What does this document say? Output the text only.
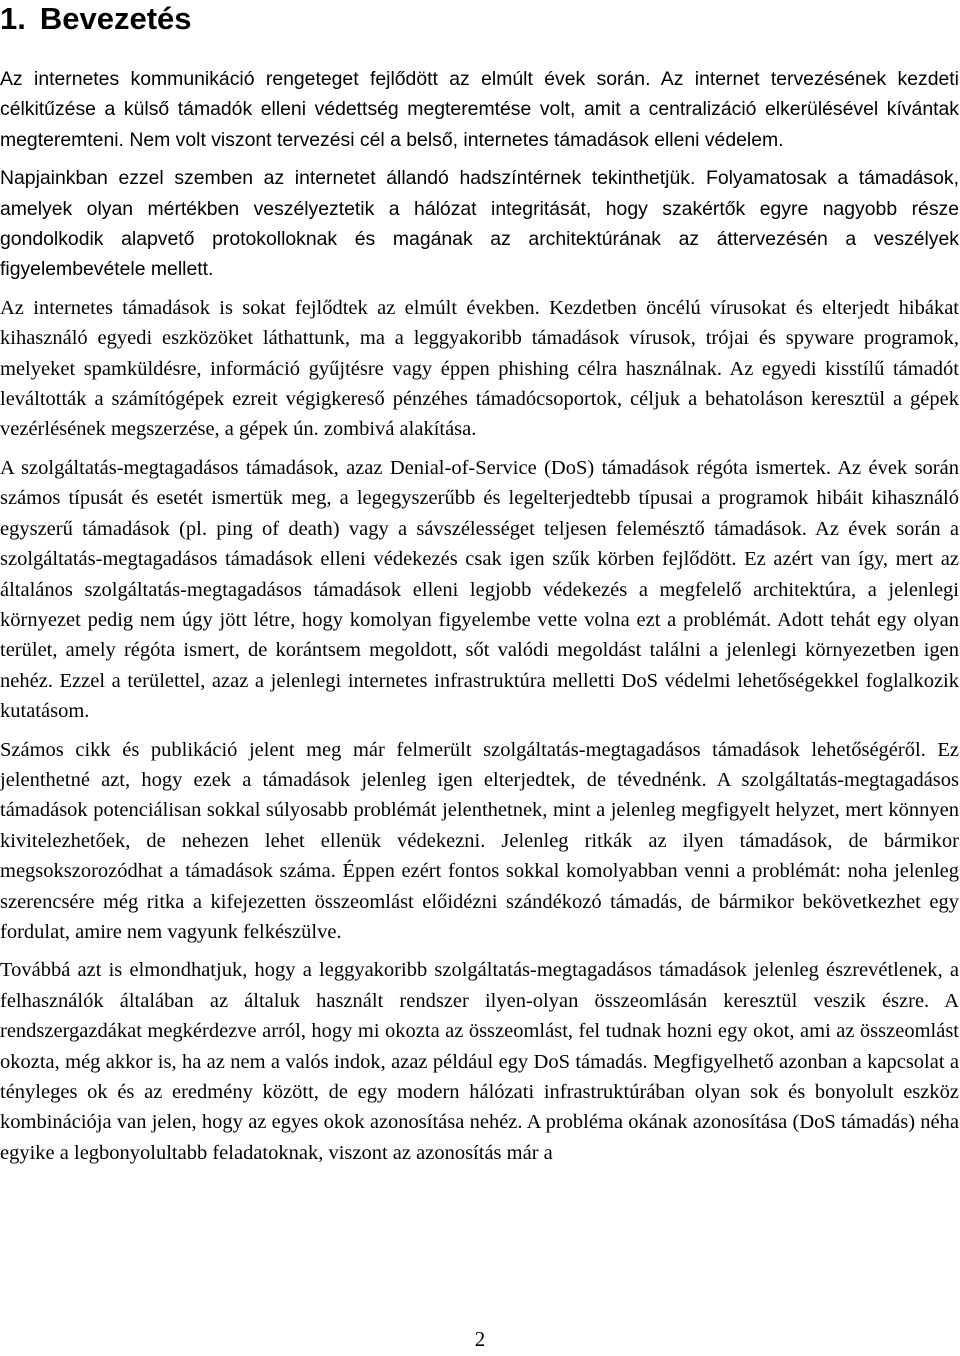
1. Bevezetés

Az internetes kommunikáció rengeteget fejlődött az elmúlt évek során. Az internet tervezésének kezdeti célkitűzése a külső támadók elleni védettség megteremtése volt, amit a centralizáció elkerülésével kívántak megteremteni. Nem volt viszont tervezési cél a belső, internetes támadások elleni védelem.

Napjainkban ezzel szemben az internetet állandó hadszíntérnek tekinthetjük. Folyamatosak a támadások, amelyek olyan mértékben veszélyeztetik a hálózat integritását, hogy szakértők egyre nagyobb része gondolkodik alapvető protokolloknak és magának az architektúrának az áttervezésén a veszélyek figyelembevétele mellett.

Az internetes támadások is sokat fejlődtek az elmúlt években. Kezdetben öncélú vírusokat és elterjedt hibákat kihasználó egyedi eszközöket láthattunk, ma a leggyakoribb támadások vírusok, trójai és spyware programok, melyeket spamküldésre, információ gyűjtésre vagy éppen phishing célra használnak. Az egyedi kisstílű támadót leváltották a számítógépek ezreit végigkereső pénzéhes támadócsoportok, céljuk a behatoláson keresztül a gépek vezérlésének megszerzése, a gépek ún. zombivá alakítása.

A szolgáltatás-megtagadásos támadások, azaz Denial-of-Service (DoS) támadások régóta ismertek. Az évek során számos típusát és esetét ismertük meg, a legegyszerűbb és legelterjedtebb típusai a programok hibáit kihasználó egyszerű támadások (pl. ping of death) vagy a sávszélességet teljesen felemésztő támadások. Az évek során a szolgáltatás-megtagadásos támadások elleni védekezés csak igen szűk körben fejlődött. Ez azért van így, mert az általános szolgáltatás-megtagadásos támadások elleni legjobb védekezés a megfelelő architektúra, a jelenlegi környezet pedig nem úgy jött létre, hogy komolyan figyelembe vette volna ezt a problémát. Adott tehát egy olyan terület, amely régóta ismert, de korántsem megoldott, sőt valódi megoldást találni a jelenlegi környezetben igen nehéz. Ezzel a területtel, azaz a jelenlegi internetes infrastruktúra melletti DoS védelmi lehetőségekkel foglalkozik kutatásom.

Számos cikk és publikáció jelent meg már felmerült szolgáltatás-megtagadásos támadások lehetőségéről. Ez jelenthetné azt, hogy ezek a támadások jelenleg igen elterjedtek, de tévednénk. A szolgáltatás-megtagadásos támadások potenciálisan sokkal súlyosabb problémát jelenthetnek, mint a jelenleg megfigyelt helyzet, mert könnyen kivitelezhetőek, de nehezen lehet ellenük védekezni. Jelenleg ritkák az ilyen támadások, de bármikor megsokszorozódhat a támadások száma. Éppen ezért fontos sokkal komolyabban venni a problémát: noha jelenleg szerencsére még ritka a kifejezetten összeomlást előidézni szándékozó támadás, de bármikor bekövetkezhet egy fordulat, amire nem vagyunk felkészülve.

Továbbá azt is elmondhatjuk, hogy a leggyakoribb szolgáltatás-megtagadásos támadások jelenleg észrevétlenek, a felhasználók általában az általuk használt rendszer ilyen-olyan összeomlásán keresztül veszik észre. A rendszergazdákat megkérdezve arról, hogy mi okozta az összeomlást, fel tudnak hozni egy okot, ami az összeomlást okozta, még akkor is, ha az nem a valós indok, azaz például egy DoS támadás. Megfigyelhető azonban a kapcsolat a tényleges ok és az eredmény között, de egy modern hálózati infrastruktúrában olyan sok és bonyolult eszköz kombinációja van jelen, hogy az egyes okok azonosítása nehéz. A probléma okának azonosítása (DoS támadás) néha egyike a legbonyolultabb feladatoknak, viszont az azonosítás már a

2
